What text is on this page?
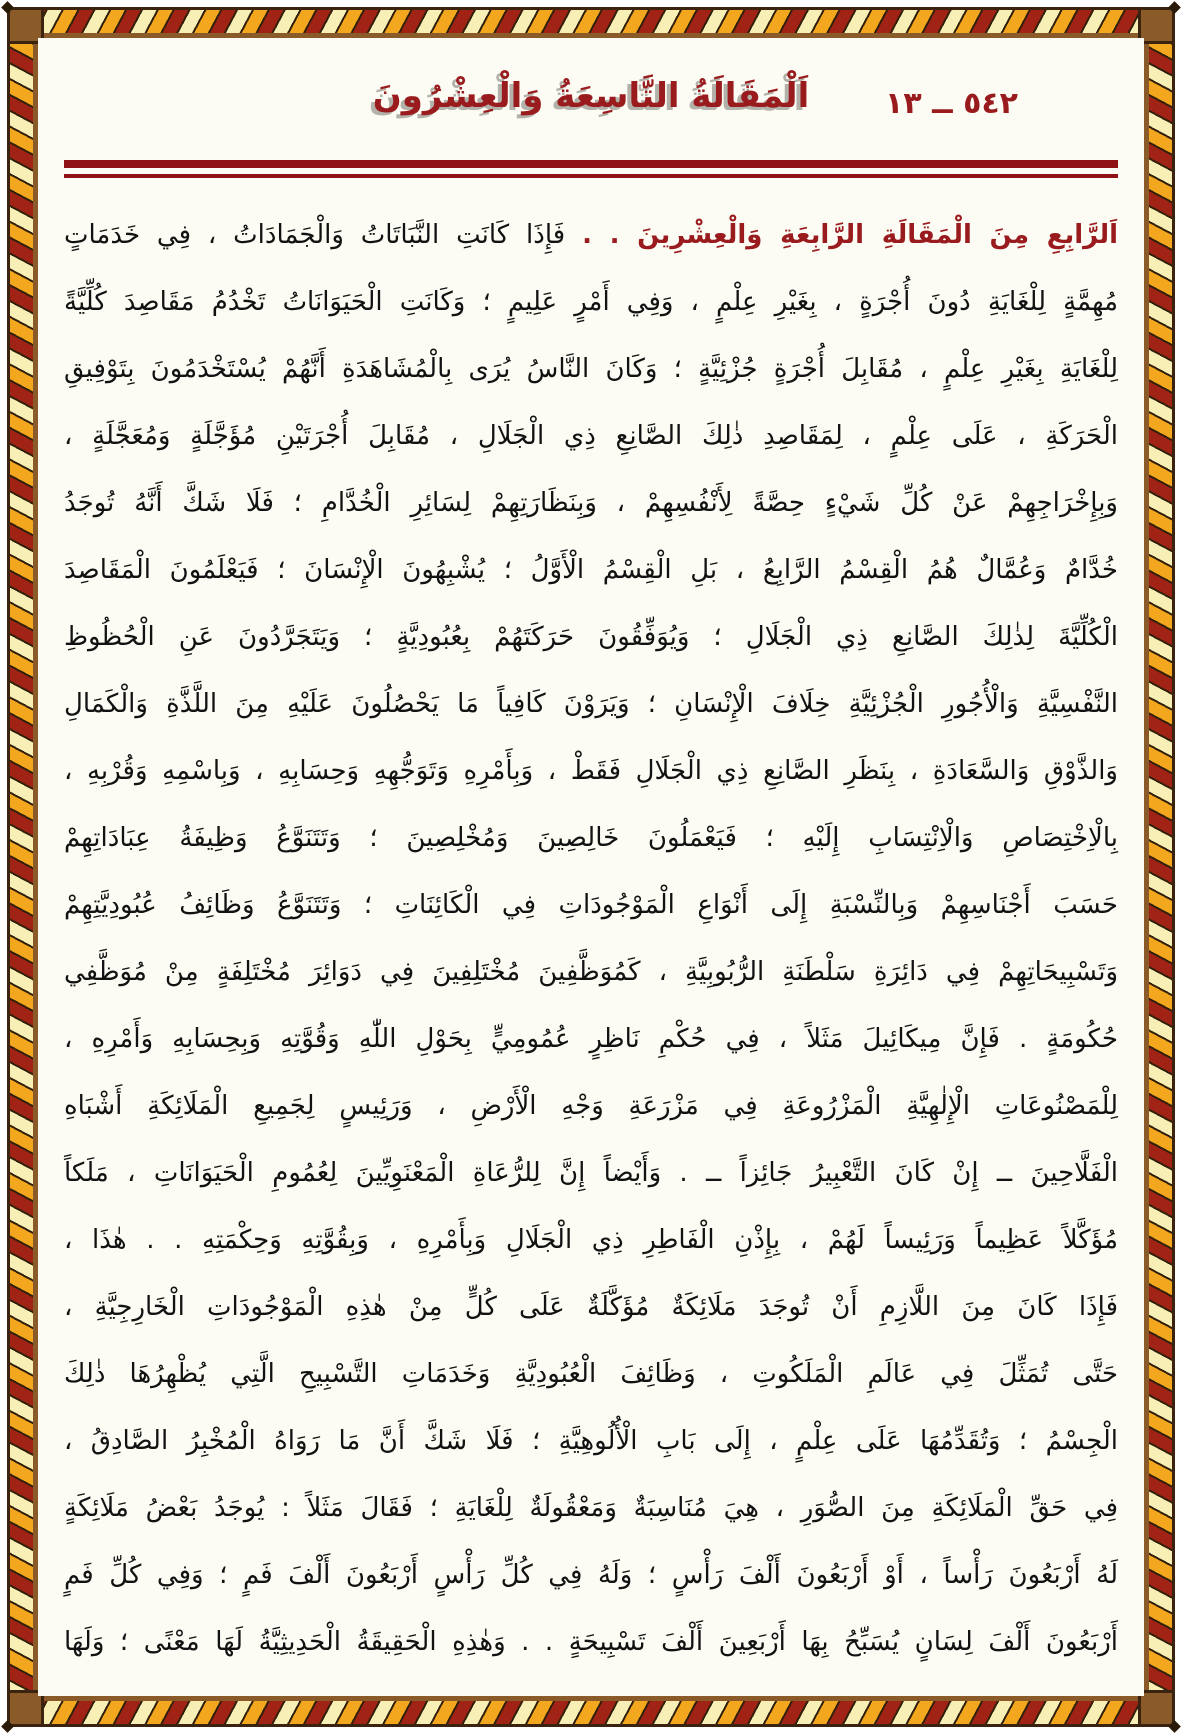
٥٤٢ ــ ١٣
اَلْمَقَالَةُ التَّاسِعَةُ وَالْعِشْرُونَ
اَلرَّابِعِ مِنَ الْمَقَالَةِ الرَّابِعَةِ وَالْعِشْرِينَ . . فَإِذَا كَانَتِ النَّبَاتَاتُ وَالْجَمَادَاتُ ، فِي خَدَمَاتٍ
مُهِمَّةٍ لِلْغَايَةِ دُونَ أُجْرَةٍ ، بِغَيْرِ عِلْمٍ ، وَفِي أَمْرٍ عَلِيمٍ ؛ وَكَانَتِ الْحَيَوَانَاتُ تَخْدُمُ مَقَاصِدَ كُلِّيَّةً
لِلْغَايَةِ بِغَيْرِ عِلْمٍ ، مُقَابِلَ أُجْرَةٍ جُزْئِيَّةٍ ؛ وَكَانَ النَّاسُ يُرَى بِالْمُشَاهَدَةِ أَنَّهُمْ يُسْتَخْدَمُونَ بِتَوْفِيقِ
الْحَرَكَةِ ، عَلَى عِلْمٍ ، لِمَقَاصِدِ ذٰلِكَ الصَّانِعِ ذِي الْجَلَالِ ، مُقَابِلَ أُجْرَتَيْنِ مُؤَجَّلَةٍ وَمُعَجَّلَةٍ ،
وَبِإِخْرَاجِهِمْ عَنْ كُلِّ شَيْءٍ حِصَّةً لِأَنْفُسِهِمْ ، وَبِنَظَارَتِهِمْ لِسَائِرِ الْخُدَّامِ ؛ فَلَا شَكَّ أَنَّهُ تُوجَدُ
خُدَّامٌ وَعُمَّالٌ هُمُ الْقِسْمُ الرَّابِعُ ، بَلِ الْقِسْمُ الْأَوَّلُ ؛ يُشْبِهُونَ الْإِنْسَانَ ؛ فَيَعْلَمُونَ الْمَقَاصِدَ
الْكُلِّيَّةَ لِذٰلِكَ الصَّانِعِ ذِي الْجَلَالِ ؛ وَيُوَفِّقُونَ حَرَكَتَهُمْ بِعُبُودِيَّةٍ ؛ وَيَتَجَرَّدُونَ عَنِ الْحُظُوظِ
النَّفْسِيَّةِ وَالْأُجُورِ الْجُزْئِيَّةِ خِلَافَ الْإِنْسَانِ ؛ وَيَرَوْنَ كَافِياً مَا يَحْصُلُونَ عَلَيْهِ مِنَ اللَّذَّةِ وَالْكَمَالِ
وَالذَّوْقِ وَالسَّعَادَةِ ، بِنَظَرِ الصَّانِعِ ذِي الْجَلَالِ فَقَطْ ، وَبِأَمْرِهِ وَتَوَجُّهِهِ وَحِسَابِهِ ، وَبِاسْمِهِ وَقُرْبِهِ ،
بِالْاِخْتِصَاصِ وَالْاِنْتِسَابِ إِلَيْهِ ؛ فَيَعْمَلُونَ خَالِصِينَ وَمُخْلِصِينَ ؛ وَتَتَنَوَّعُ وَظِيفَةُ عِبَادَاتِهِمْ
حَسَبَ أَجْنَاسِهِمْ وَبِالنِّسْبَةِ إِلَى أَنْوَاعِ الْمَوْجُودَاتِ فِي الْكَائِنَاتِ ؛ وَتَتَنَوَّعُ وَظَائِفُ عُبُودِيَّتِهِمْ
وَتَسْبِيحَاتِهِمْ فِي دَائِرَةِ سَلْطَنَةِ الرُّبُوبِيَّةِ ، كَمُوَظَّفِينَ مُخْتَلِفِينَ فِي دَوَائِرَ مُخْتَلِفَةٍ مِنْ مُوَظَّفِي
حُكُومَةٍ . فَإِنَّ مِيكَائِيلَ مَثَلاً ، فِي حُكْمِ نَاظِرٍ عُمُومِيٍّ بِحَوْلِ اللّٰهِ وَقُوَّتِهِ وَبِحِسَابِهِ وَأَمْرِهِ ،
لِلْمَصْنُوعَاتِ الْإِلٰهِيَّةِ الْمَزْرُوعَةِ فِي مَزْرَعَةِ وَجْهِ الْأَرْضِ ، وَرَئِيسٍ لِجَمِيعِ الْمَلَائِكَةِ أَشْبَاهِ
الْفَلَّاحِينَ ــ إِنْ كَانَ التَّعْبِيرُ جَائِزاً ــ . وَأَيْضاً إِنَّ لِلرُّعَاةِ الْمَعْنَوِيِّينَ لِعُمُومِ الْحَيَوَانَاتِ ، مَلَكاً
مُؤَكَّلاً عَظِيماً وَرَئِيساً لَهُمْ ، بِإِذْنِ الْفَاطِرِ ذِي الْجَلَالِ وَبِأَمْرِهِ ، وَبِقُوَّتِهِ وَحِكْمَتِهِ . . هٰذَا ،
فَإِذَا كَانَ مِنَ اللَّازِمِ أَنْ تُوجَدَ مَلَائِكَةٌ مُؤَكَّلَةٌ عَلَى كُلٍّ مِنْ هٰذِهِ الْمَوْجُودَاتِ الْخَارِجِيَّةِ ،
حَتَّى تُمَثِّلَ فِي عَالَمِ الْمَلَكُوتِ ، وَظَائِفَ الْعُبُودِيَّةِ وَخَدَمَاتِ التَّسْبِيحِ الَّتِي يُظْهِرُهَا ذٰلِكَ
الْجِسْمُ ؛ وَتُقَدِّمُهَا عَلَى عِلْمٍ ، إِلَى بَابِ الْأُلُوهِيَّةِ ؛ فَلَا شَكَّ أَنَّ مَا رَوَاهُ الْمُخْبِرُ الصَّادِقُ ،
فِي حَقِّ الْمَلَائِكَةِ مِنَ الصُّوَرِ ، هِيَ مُنَاسِبَةٌ وَمَعْقُولَةٌ لِلْغَايَةِ ؛ فَقَالَ مَثَلاً : يُوجَدُ بَعْضُ مَلَائِكَةٍ
لَهُ أَرْبَعُونَ رَأْساً ، أَوْ أَرْبَعُونَ أَلْفَ رَأْسٍ ؛ وَلَهُ فِي كُلِّ رَأْسٍ أَرْبَعُونَ أَلْفَ فَمٍ ؛ وَفِي كُلِّ فَمٍ
أَرْبَعُونَ أَلْفَ لِسَانٍ يُسَبِّحُ بِهَا أَرْبَعِينَ أَلْفَ تَسْبِيحَةٍ . . وَهٰذِهِ الْحَقِيقَةُ الْحَدِيثِيَّةُ لَهَا مَعْنًى ؛ وَلَهَا
